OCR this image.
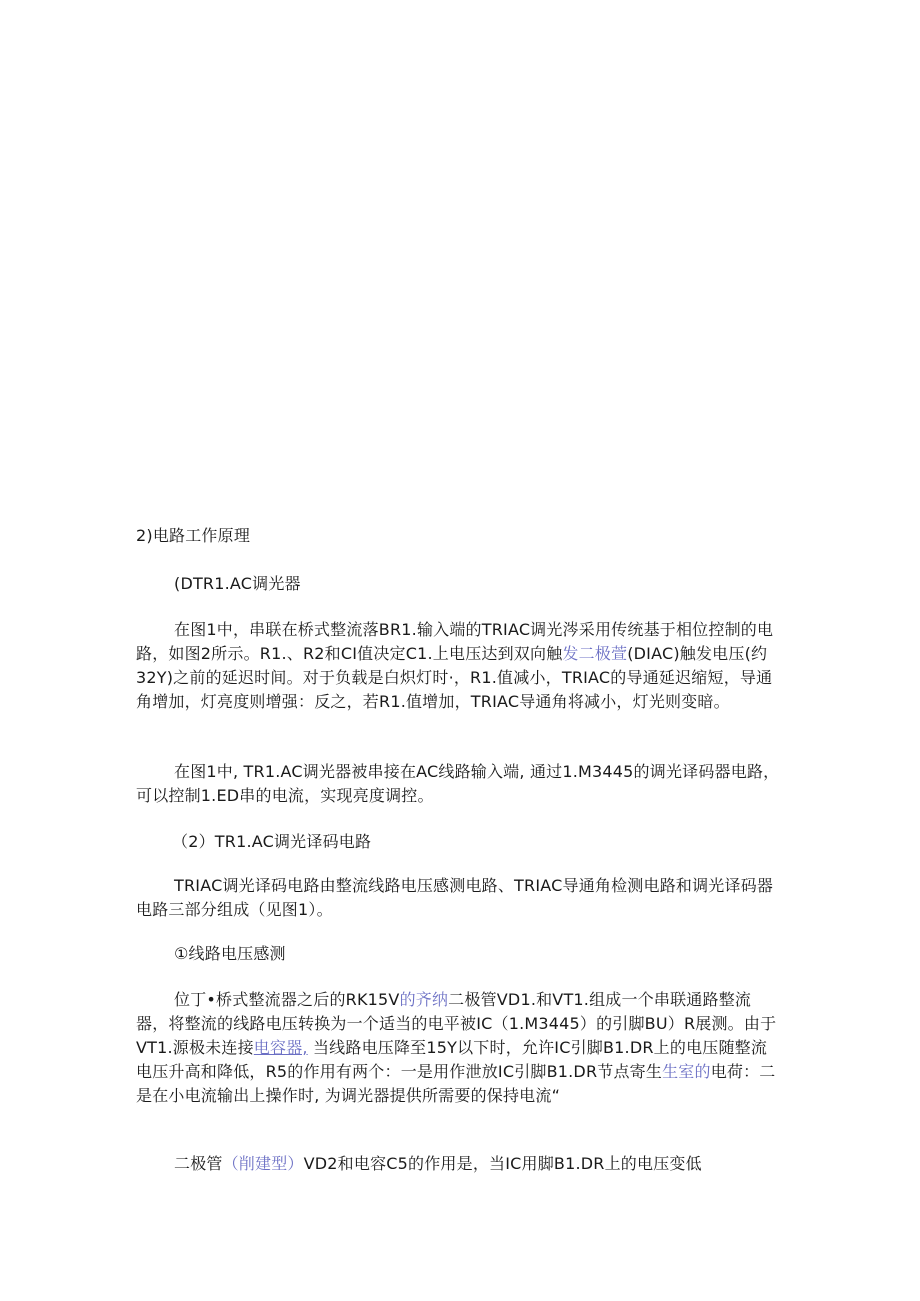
2)电路工作原理

(DTR1.AC调光器

在图1中，串联在桥式整流落BR1.输入端的TRIAC调光涔采用传统基于相位控制的电路，如图2所示。R1.、R2和CI值决定C1.上电压达到双向触发二极萱(DIAC)触发电压(约32Y)之前的延迟时间。对于负载是白炽灯时·，R1.值减小，TRIAC的导通延迟缩短，导通角增加，灯亮度则增强：反之，若R1.值增加，TRIAC导通角将减小，灯光则变暗。

在图1中, TR1.AC调光器被串接在AC线路输入端, 通过1.M3445的调光译码器电路，可以控制1.ED串的电流，实现亮度调控。

（2）TR1.AC调光译码电路

TRIAC调光译码电路由整流线路电压感测电路、TRIAC导通角检测电路和调光译码器电路三部分组成（见图1）。

①线路电压感测

位丁•桥式整流器之后的RK15V的齐纳二极管VD1.和VT1.组成一个串联通路整流器，将整流的线路电压转换为一个适当的电平被IC（1.M3445）的引脚BU）R展测。由于VT1.源极未连接电容器, 当线路电压降至15Y以下时，允许IC引脚B1.DR上的电压随整流电压升高和降低，R5的作用有两个：一是用作泄放IC引脚B1.DR节点寄生生室的电荷：二是在小电流输出上操作时, 为调光器提供所需要的保持电流“

二极管（削建型）VD2和电容C5的作用是，当IC用脚B1.DR上的电压变低
